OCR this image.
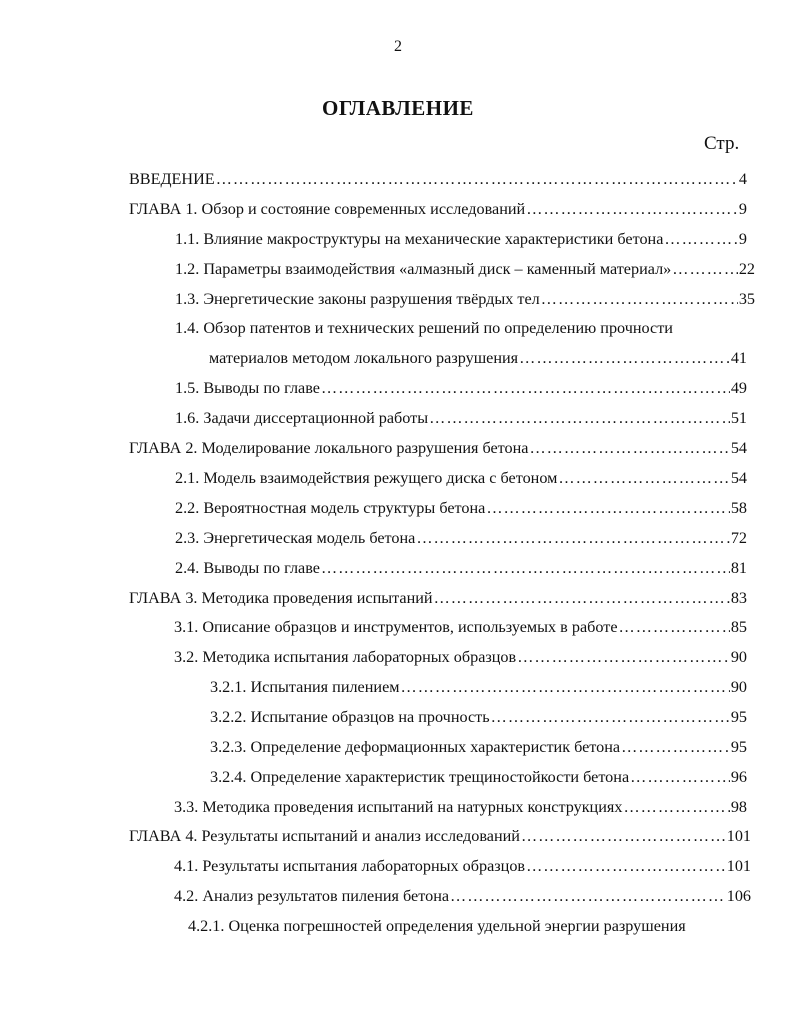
2
ОГЛАВЛЕНИЕ
Стр.
ВВЕДЕНИЕ …………………………………………………………………………………………………………………………………………………………	4
ГЛАВА 1. Обзор и состояние современных исследований …………………………………………………………………………………………………………………………………………………………	9
1.1. Влияние макроструктуры на механические характеристики бетона …………………………………………………………………………………………………………………………………………………………	9
1.2. Параметры взаимодействия «алмазный диск – каменный материал» …………………………………………………………………………………………………………………………………………………………	22
1.3. Энергетические законы разрушения твёрдых тел …………………………………………………………………………………………………………………………………………………………	35
1.4. Обзор патентов и технических решений по определению прочности
материалов методом локального разрушения …………………………………………………………………………………………………………………………………………………………	41
1.5. Выводы по главе …………………………………………………………………………………………………………………………………………………………	49
1.6. Задачи диссертационной работы …………………………………………………………………………………………………………………………………………………………	51
ГЛАВА 2. Моделирование локального разрушения бетона …………………………………………………………………………………………………………………………………………………………	54
2.1. Модель взаимодействия режущего диска с бетоном …………………………………………………………………………………………………………………………………………………………	54
2.2. Вероятностная модель структуры бетона …………………………………………………………………………………………………………………………………………………………	58
2.3. Энергетическая модель бетона …………………………………………………………………………………………………………………………………………………………	72
2.4. Выводы по главе …………………………………………………………………………………………………………………………………………………………	81
ГЛАВА 3. Методика проведения испытаний …………………………………………………………………………………………………………………………………………………………	83
3.1. Описание образцов и инструментов, используемых в работе …………………………………………………………………………………………………………………………………………………………	85
3.2. Методика испытания лабораторных образцов …………………………………………………………………………………………………………………………………………………………	90
3.2.1. Испытания пилением …………………………………………………………………………………………………………………………………………………………	90
3.2.2. Испытание образцов на прочность …………………………………………………………………………………………………………………………………………………………	95
3.2.3. Определение деформационных характеристик бетона …………………………………………………………………………………………………………………………………………………………	95
3.2.4. Определение характеристик трещиностойкости бетона …………………………………………………………………………………………………………………………………………………………	96
3.3. Методика проведения испытаний на натурных конструкциях …………………………………………………………………………………………………………………………………………………………	98
ГЛАВА 4. Результаты испытаний и анализ исследований …………………………………………………………………………………………………………………………………………………………	101
4.1. Результаты испытания лабораторных образцов …………………………………………………………………………………………………………………………………………………………	101
4.2. Анализ результатов пиления бетона …………………………………………………………………………………………………………………………………………………………	106
4.2.1. Оценка погрешностей определения удельной энергии разрушения
